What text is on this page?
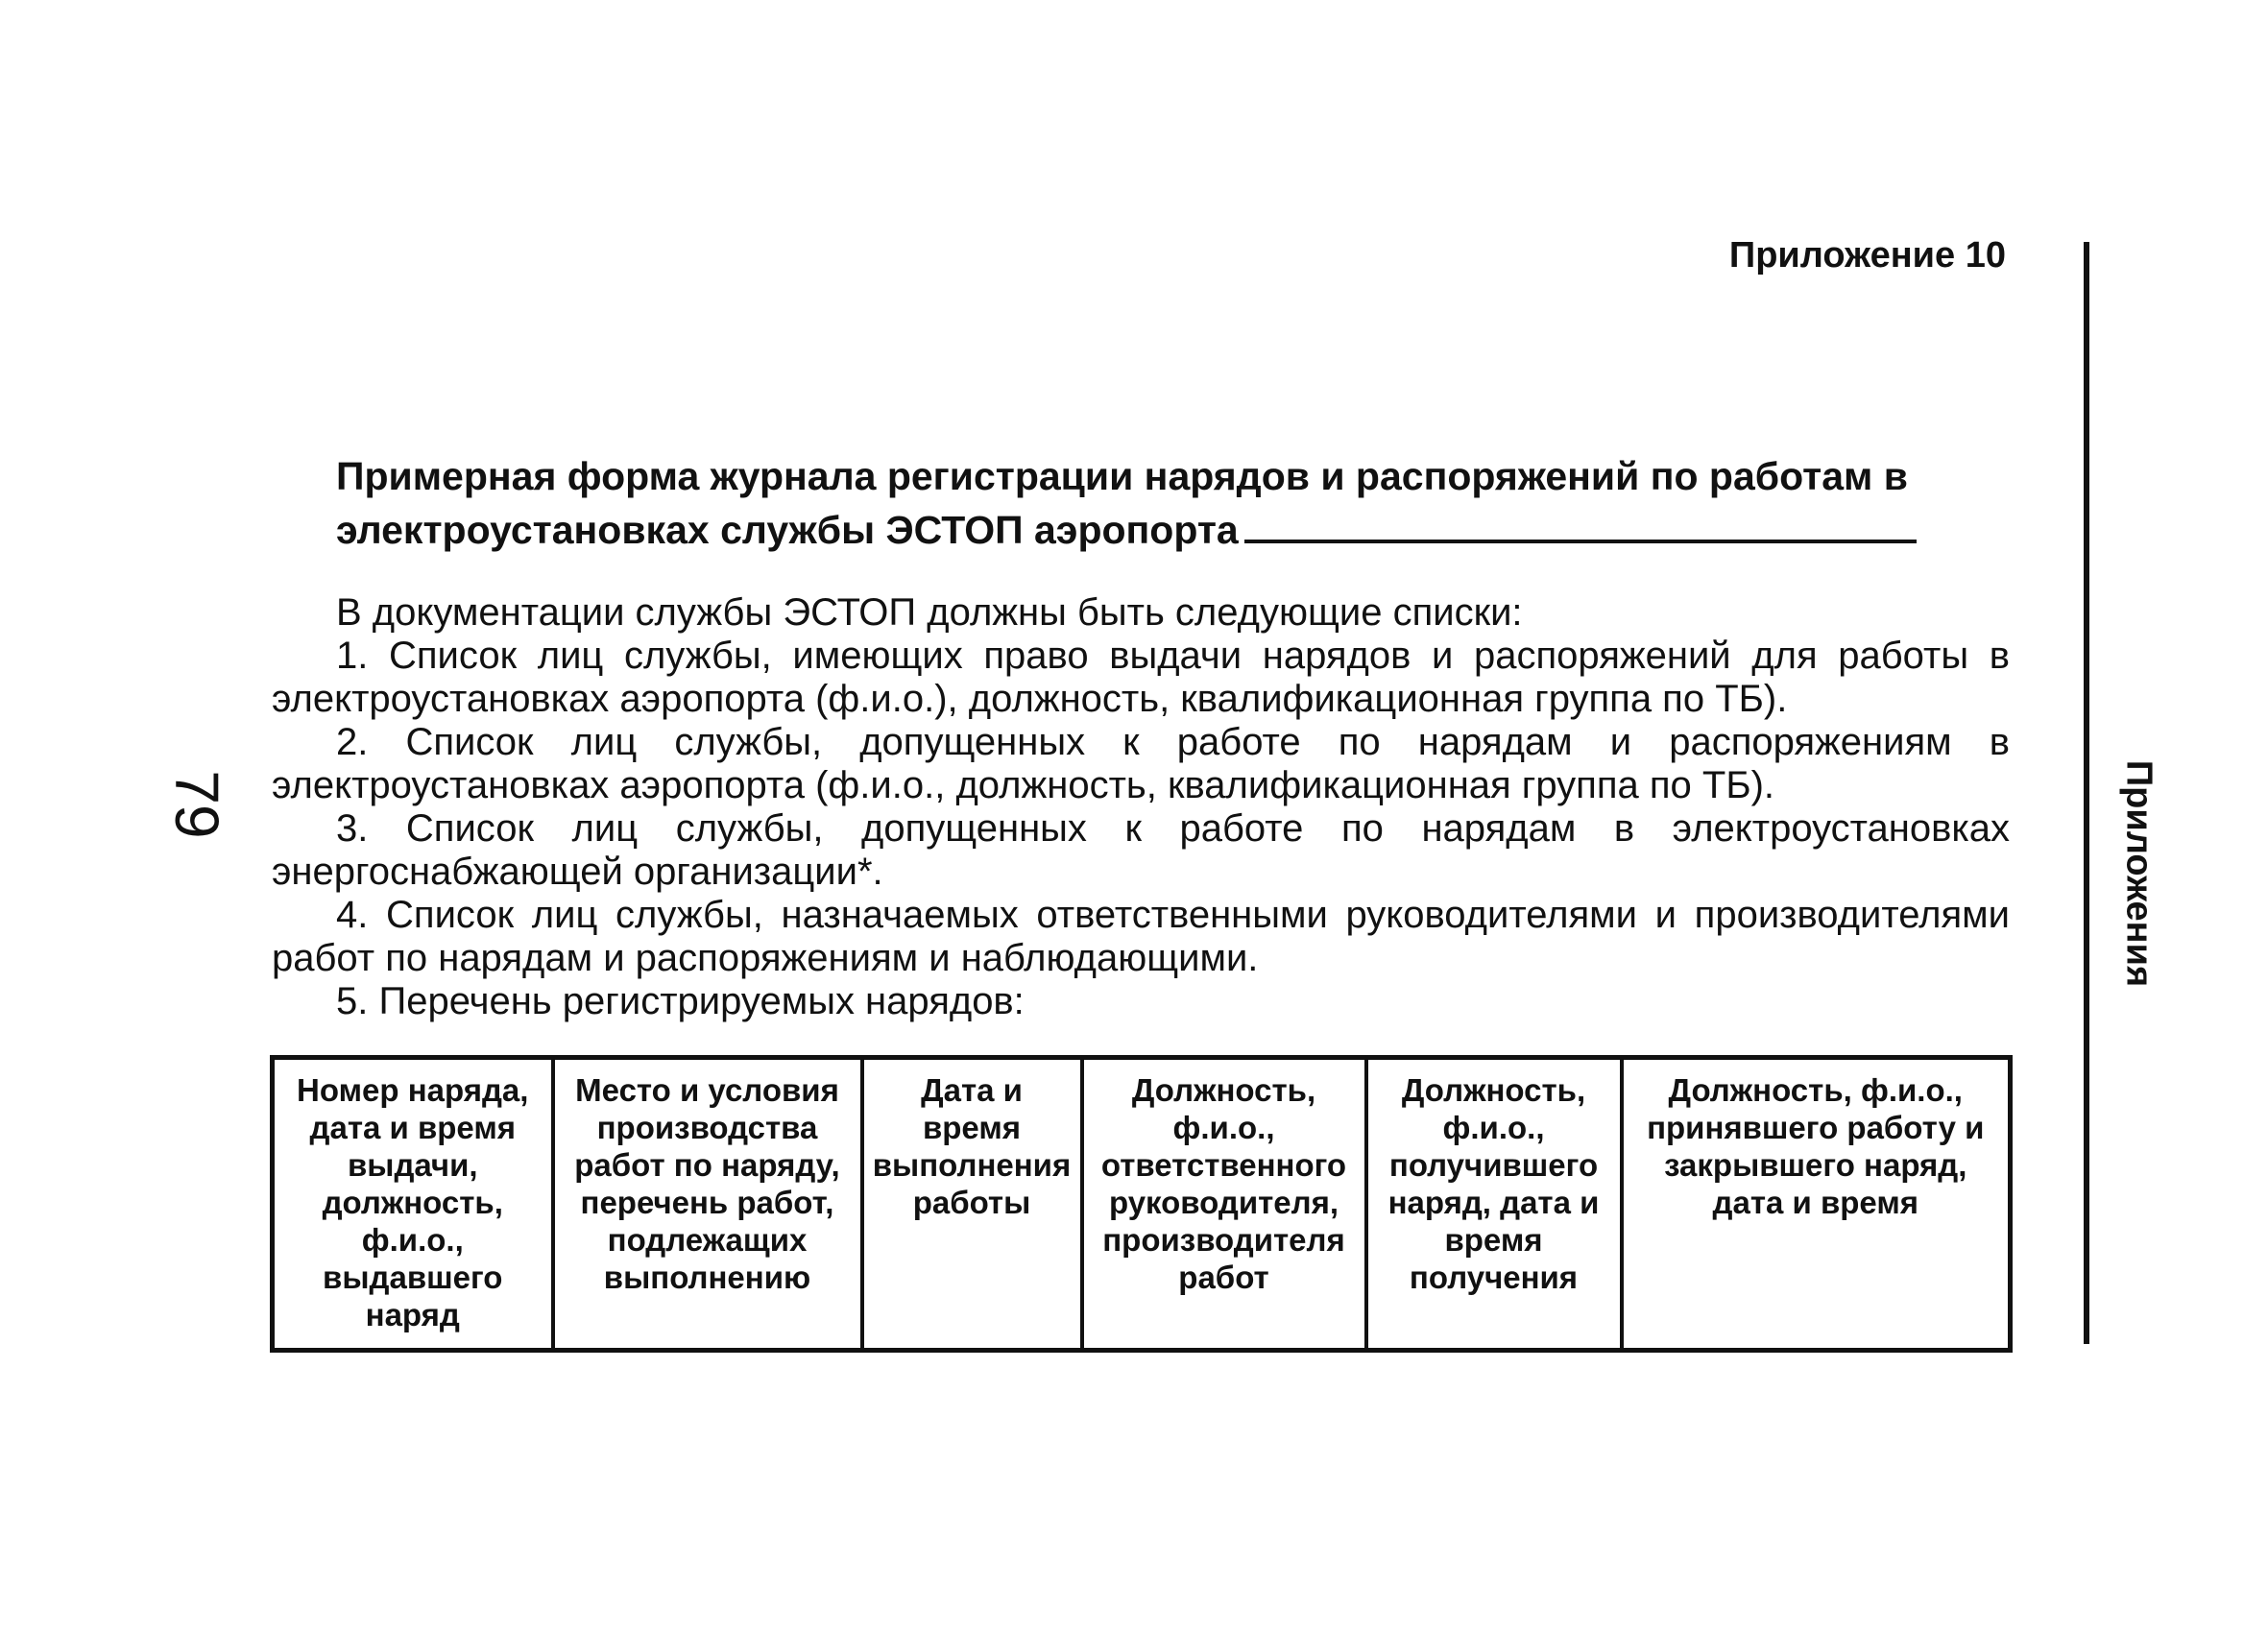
Приложение 10
Приложения
79
Примерная форма журнала регистрации нарядов и распоряжений по работам в
электроустановках службы ЭСТОП аэропорта

В документации службы ЭСТОП должны быть следующие списки:

1. Список лиц службы, имеющих право выдачи нарядов и распоряжений для работы в электроустановках аэропорта (ф.и.о.), должность, квалификационная группа по ТБ).

2. Список лиц службы, допущенных к работе по нарядам и распоряжениям в электроустановках аэропорта (ф.и.о., должность, квалификационная группа по ТБ).

3. Список лиц службы, допущенных к работе по нарядам в электроустановках энергоснабжающей организации*.

4. Список лиц службы, назначаемых ответственными руководителями и производителями работ по нарядам и распоряжениям и наблюдающими.

5. Перечень регистрируемых нарядов:

Номер наряда, дата и время выдачи, должность, ф.и.о., выдавшего наряд	Место и условия производства работ по наряду, перечень работ, подлежащих выполнению	Дата и время выполнения работы	Должность, ф.и.о., ответственного руководителя, производителя работ	Должность, ф.и.о., получившего наряд, дата и время получения	Должность, ф.и.о., принявшего работу и закрывшего наряд, дата и время
